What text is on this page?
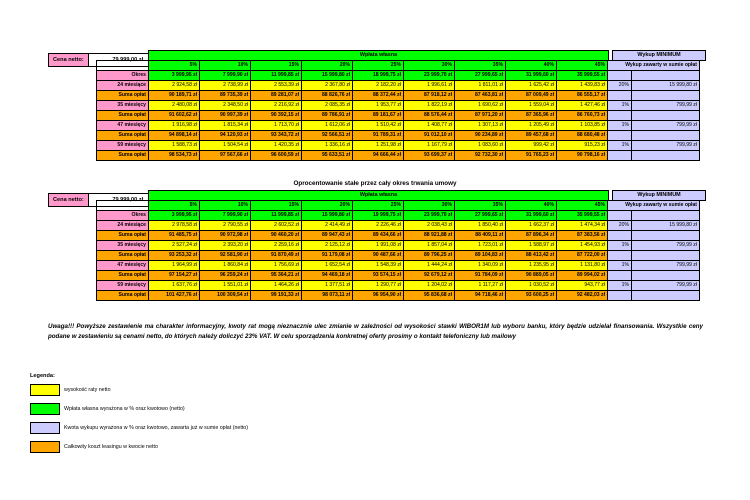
Cena netto:	79 999,00 zł
Wpłata własna	Wykup MINIMUM
	5%	10%	15%	20%	25%	30%	35%	40%	45%	Wykup zawarty w sumie opłat	
Okres	3 999,95 zł	7 999,90 zł	11 999,85 zł	15 999,80 zł	18 999,75 zł	23 999,70 zł	27 999,65 zł	31 999,60 zł	35 999,55 zł		
24 miesiące	2 924,58 zł	2 738,99 zł	2 553,39 zł	2 367,80 zł	2 182,20 zł	1 996,61 zł	1 811,01 zł	1 625,42 zł	1 439,83 zł	20%	15 999,80 zł
Suma opłat	90 189,71 zł	89 735,39 zł	89 281,07 zł	88 826,76 zł	88 372,44 zł	87 918,12 zł	87 463,81 zł	87 009,49 zł	86 555,17 zł		
35 miesięcy	2 480,08 zł	2 348,50 zł	2 216,92 zł	2 085,35 zł	1 953,77 zł	1 822,19 zł	1 690,62 zł	1 559,04 zł	1 427,46 zł	1%	799,99 zł
Suma opłat	91 602,62 zł	90 997,39 zł	90 392,15 zł	89 786,91 zł	89 181,67 zł	88 576,44 zł	87 971,20 zł	87 365,96 zł	86 760,73 zł		
47 miesięcy	1 916,98 zł	1 815,34 zł	1 713,70 zł	1 612,06 zł	1 510,42 zł	1 408,77 zł	1 307,13 zł	1 205,49 zł	1 103,85 zł	1%	799,99 zł
Suma opłat	94 898,14 zł	94 120,93 zł	93 343,72 zł	92 566,51 zł	91 789,31 zł	91 012,10 zł	90 234,89 zł	89 457,68 zł	88 680,48 zł		
59 miesięcy	1 588,73 zł	1 504,54 zł	1 420,35 zł	1 336,16 zł	1 251,98 zł	1 167,79 zł	1 083,60 zł	999,42 zł	915,23 zł	1%	799,99 zł
Suma opłat	98 534,73 zł	97 567,66 zł	96 600,59 zł	95 633,51 zł	94 666,44 zł	93 699,37 zł	92 732,30 zł	91 765,23 zł	90 798,16 zł		
Oprocentowanie stałe przez cały okres trwania umowy
Cena netto:	79 999,00 zł
Wpłata własna	Wykup MINIMUM
	5%	10%	15%	20%	25%	30%	35%	40%	45%	Wykup zawarty w sumie opłat	
Okres	3 999,95 zł	7 999,90 zł	11 999,85 zł	15 999,80 zł	19 999,75 zł	23 999,70 zł	27 999,65 zł	31 999,60 zł	35 999,55 zł		
24 miesiące	2 978,58 zł	2 790,55 zł	2 602,52 zł	2 414,49 zł	2 226,46 zł	2 038,43 zł	1 850,40 zł	1 662,37 zł	1 474,34 zł	20%	15 999,80 zł
Suma opłat	91 485,75 zł	90 972,98 zł	90 460,20 zł	89 947,43 zł	89 434,66 zł	88 921,88 zł	88 409,11 zł	87 896,34 zł	87 383,56 zł		
35 miesięcy	2 527,24 zł	2 393,20 zł	2 259,16 zł	2 125,12 zł	1 991,08 zł	1 857,04 zł	1 723,01 zł	1 588,97 zł	1 454,93 zł	1%	799,99 zł
Suma opłat	93 253,32 zł	92 581,90 zł	91 870,49 zł	91 179,08 zł	90 487,66 zł	89 796,25 zł	89 104,83 zł	88 413,42 zł	87 722,00 zł		
47 miesięcy	1 964,99 zł	1 860,84 zł	1 756,69 zł	1 652,54 zł	1 548,39 zł	1 444,24 zł	1 340,09 zł	1 235,95 zł	1 131,80 zł	1%	799,99 zł
Suma opłat	97 154,27 zł	96 259,24 zł	95 364,21 zł	94 469,18 zł	93 574,15 zł	92 679,12 zł	91 784,09 zł	90 889,05 zł	89 994,02 zł		
59 miesięcy	1 637,76 zł	1 551,01 zł	1 464,26 zł	1 377,51 zł	1 290,77 zł	1 204,02 zł	1 117,27 zł	1 030,52 zł	943,77 zł	1%	799,99 zł
Suma opłat	101 427,76 zł	100 309,54 zł	99 191,33 zł	98 073,11 zł	96 954,90 zł	95 836,68 zł	94 718,46 zł	93 600,25 zł	92 482,03 zł		
Uwaga!!! Powyższe zestawienie ma charakter informacyjny, kwoty rat mogą nieznacznie ulec zmianie w zależności od wysokości stawki WIBOR1M lub wyboru banku, który będzie udzielał finansowania. Wszystkie ceny podane w zestawieniu są cenami netto, do których należy doliczyć 23% VAT. W celu sporządzenia konkretnej oferty prosimy o kontakt telefoniczny lub mailowy
Legenda:
wysokość raty netto
Wpłata własna wyrażona w % oraz kwotowo (netto)
Kwota wykupu wyrażona w % oraz kwotowo, zawarta już w sumie opłat (netto)
Całkowity koszt leasingu w kwocie netto
